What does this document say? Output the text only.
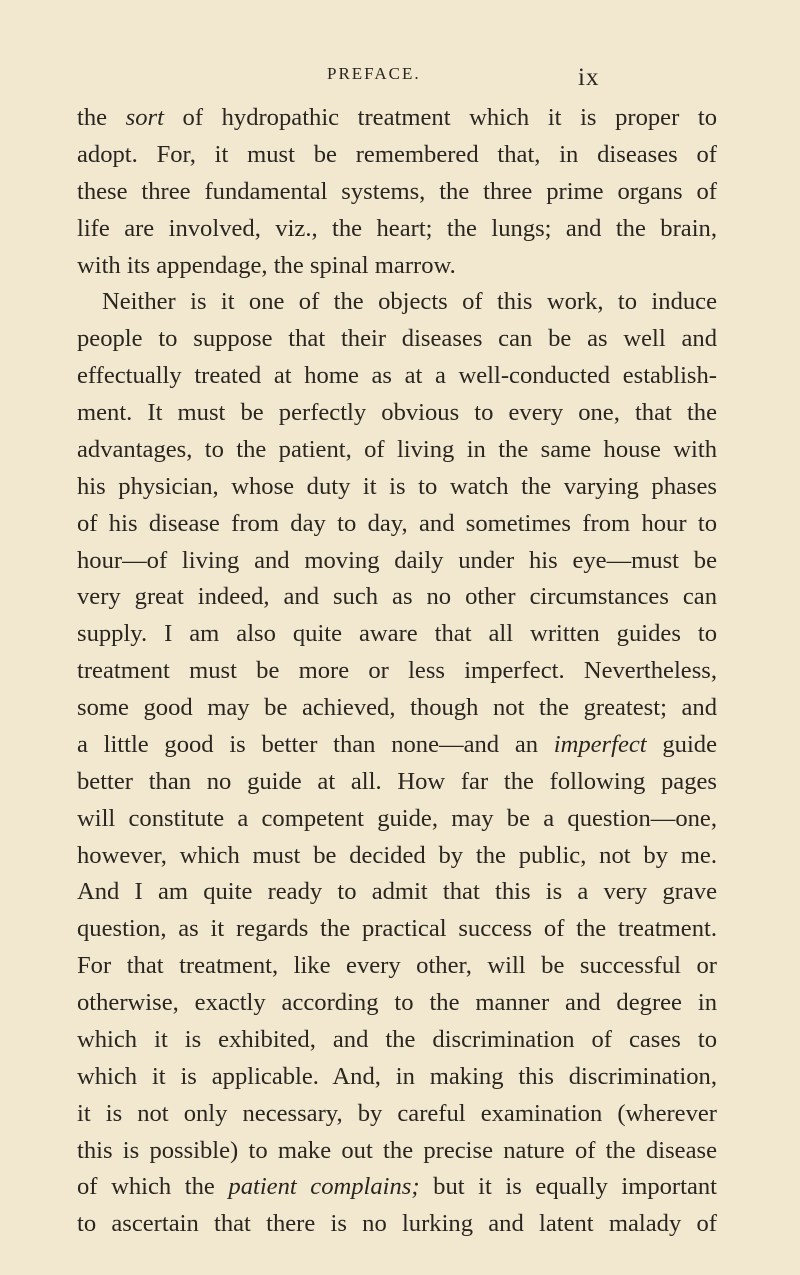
PREFACE.	ix
the sort of hydropathic treatment which it is proper to
adopt. For, it must be remembered that, in diseases of
these three fundamental systems, the three prime organs of
life are involved, viz., the heart; the lungs; and the brain,
with its appendage, the spinal marrow.
Neither is it one of the objects of this work, to induce
people to suppose that their diseases can be as well and
effectually treated at home as at a well-conducted establish-
ment. It must be perfectly obvious to every one, that the
advantages, to the patient, of living in the same house with
his physician, whose duty it is to watch the varying phases
of his disease from day to day, and sometimes from hour to
hour—of living and moving daily under his eye—must be
very great indeed, and such as no other circumstances can
supply. I am also quite aware that all written guides to
treatment must be more or less imperfect. Nevertheless,
some good may be achieved, though not the greatest; and
a little good is better than none—and an imperfect guide
better than no guide at all. How far the following pages
will constitute a competent guide, may be a question—one,
however, which must be decided by the public, not by me.
And I am quite ready to admit that this is a very grave
question, as it regards the practical success of the treatment.
For that treatment, like every other, will be successful or
otherwise, exactly according to the manner and degree in
which it is exhibited, and the discrimination of cases to
which it is applicable. And, in making this discrimination,
it is not only necessary, by careful examination (wherever
this is possible) to make out the precise nature of the disease
of which the patient complains; but it is equally important
to ascertain that there is no lurking and latent malady of
